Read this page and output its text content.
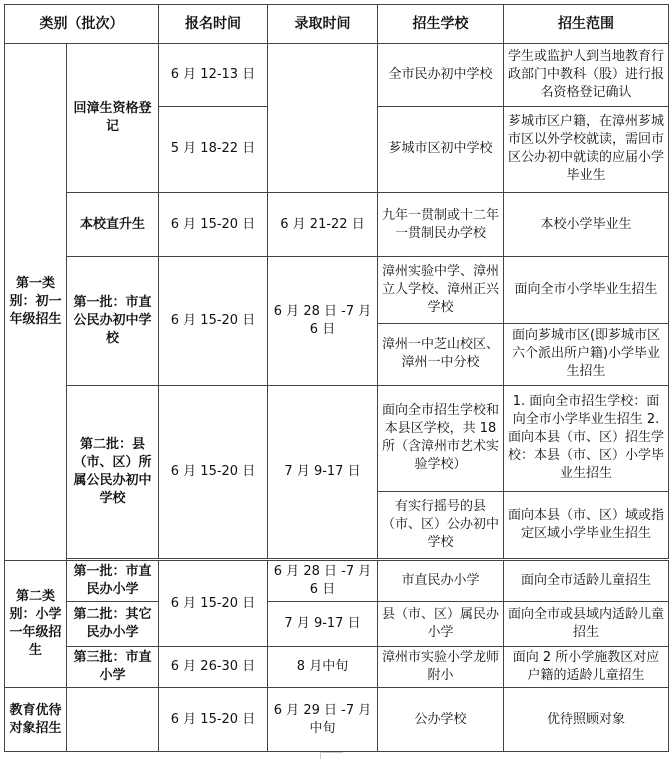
类别（批次）		报名时间	录取时间	招生学校	招生范围
第一类别：初一年级招生	回漳生资格登记	6 月 12-13 日		全市民办初中学校	学生或监护人到当地教育行政部门中教科（股）进行报名资格登记确认
		5 月 18-22 日		芗城市区初中学校	芗城市区户籍，在漳州芗城市区以外学校就读，需回市区公办初中就读的应届小学毕业生
	本校直升生	6 月 15-20 日	6 月 21-22 日	九年一贯制或十二年一贯制民办学校	本校小学毕业生
	第一批：市直公民办初中学校	6 月 15-20 日	6 月 28 日 -7 月 6 日	漳州实验中学、漳州立人学校、漳州正兴学校	面向全市小学毕业生招生
				漳州一中芝山校区、漳州一中分校	面向芗城市区(即芗城市区六个派出所户籍)小学毕业生招生
	第二批：县（市、区）所属公民办初中学校	6 月 15-20 日	7 月 9-17 日	面向全市招生学校和本县区学校，共 18 所（含漳州市艺术实验学校）	1. 面向全市招生学校：面向全市小学毕业生招生 2. 面向本县（市、区）招生学校：本县（市、区）小学毕业生招生
				有实行摇号的县（市、区）公办初中学校	面向本县（市、区）域或指定区域小学毕业生招生

第二类别：小学一年级招生	第一批：市直民办小学	6 月 15-20 日	6 月 28 日 -7 月 6 日	市直民办小学	面向全市适龄儿童招生
	第二批：其它民办小学		7 月 9-17 日	县（市、区）属民办小学	面向全市或县域内适龄儿童招生
	第三批：市直小学	6 月 26-30 日	8 月中旬	漳州市实验小学龙师附小	面向 2 所小学施教区对应户籍的适龄儿童招生
教育优待对象招生		6 月 15-20 日	6 月 29 日 -7 月中旬	公办学校	优待照顾对象
